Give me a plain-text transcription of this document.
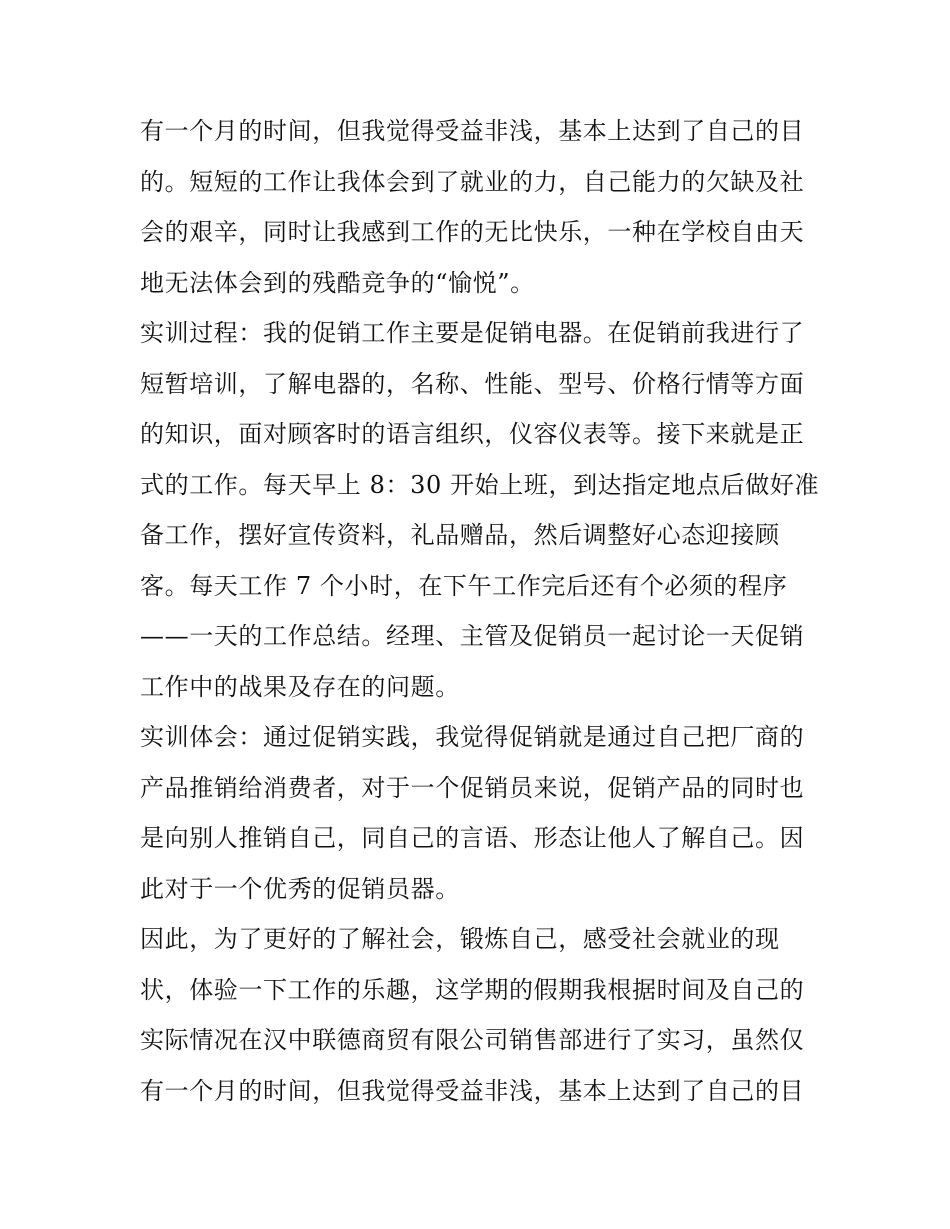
有一个月的时间，但我觉得受益非浅，基本上达到了自己的目
的。短短的工作让我体会到了就业的力，自己能力的欠缺及社
会的艰辛，同时让我感到工作的无比快乐，一种在学校自由天
地无法体会到的残酷竞争的“愉悦”。
实训过程：我的促销工作主要是促销电器。在促销前我进行了
短暂培训，了解电器的，名称、性能、型号、价格行情等方面
的知识，面对顾客时的语言组织，仪容仪表等。接下来就是正
式的工作。每天早上 8：30 开始上班，到达指定地点后做好准
备工作，摆好宣传资料，礼品赠品，然后调整好心态迎接顾
客。每天工作 7 个小时，在下午工作完后还有个必须的程序
——一天的工作总结。经理、主管及促销员一起讨论一天促销
工作中的战果及存在的问题。
实训体会：通过促销实践，我觉得促销就是通过自己把厂商的
产品推销给消费者，对于一个促销员来说，促销产品的同时也
是向别人推销自己，同自己的言语、形态让他人了解自己。因
此对于一个优秀的促销员器。
因此，为了更好的了解社会，锻炼自己，感受社会就业的现
状，体验一下工作的乐趣，这学期的假期我根据时间及自己的
实际情况在汉中联德商贸有限公司销售部进行了实习，虽然仅
有一个月的时间，但我觉得受益非浅，基本上达到了自己的目
